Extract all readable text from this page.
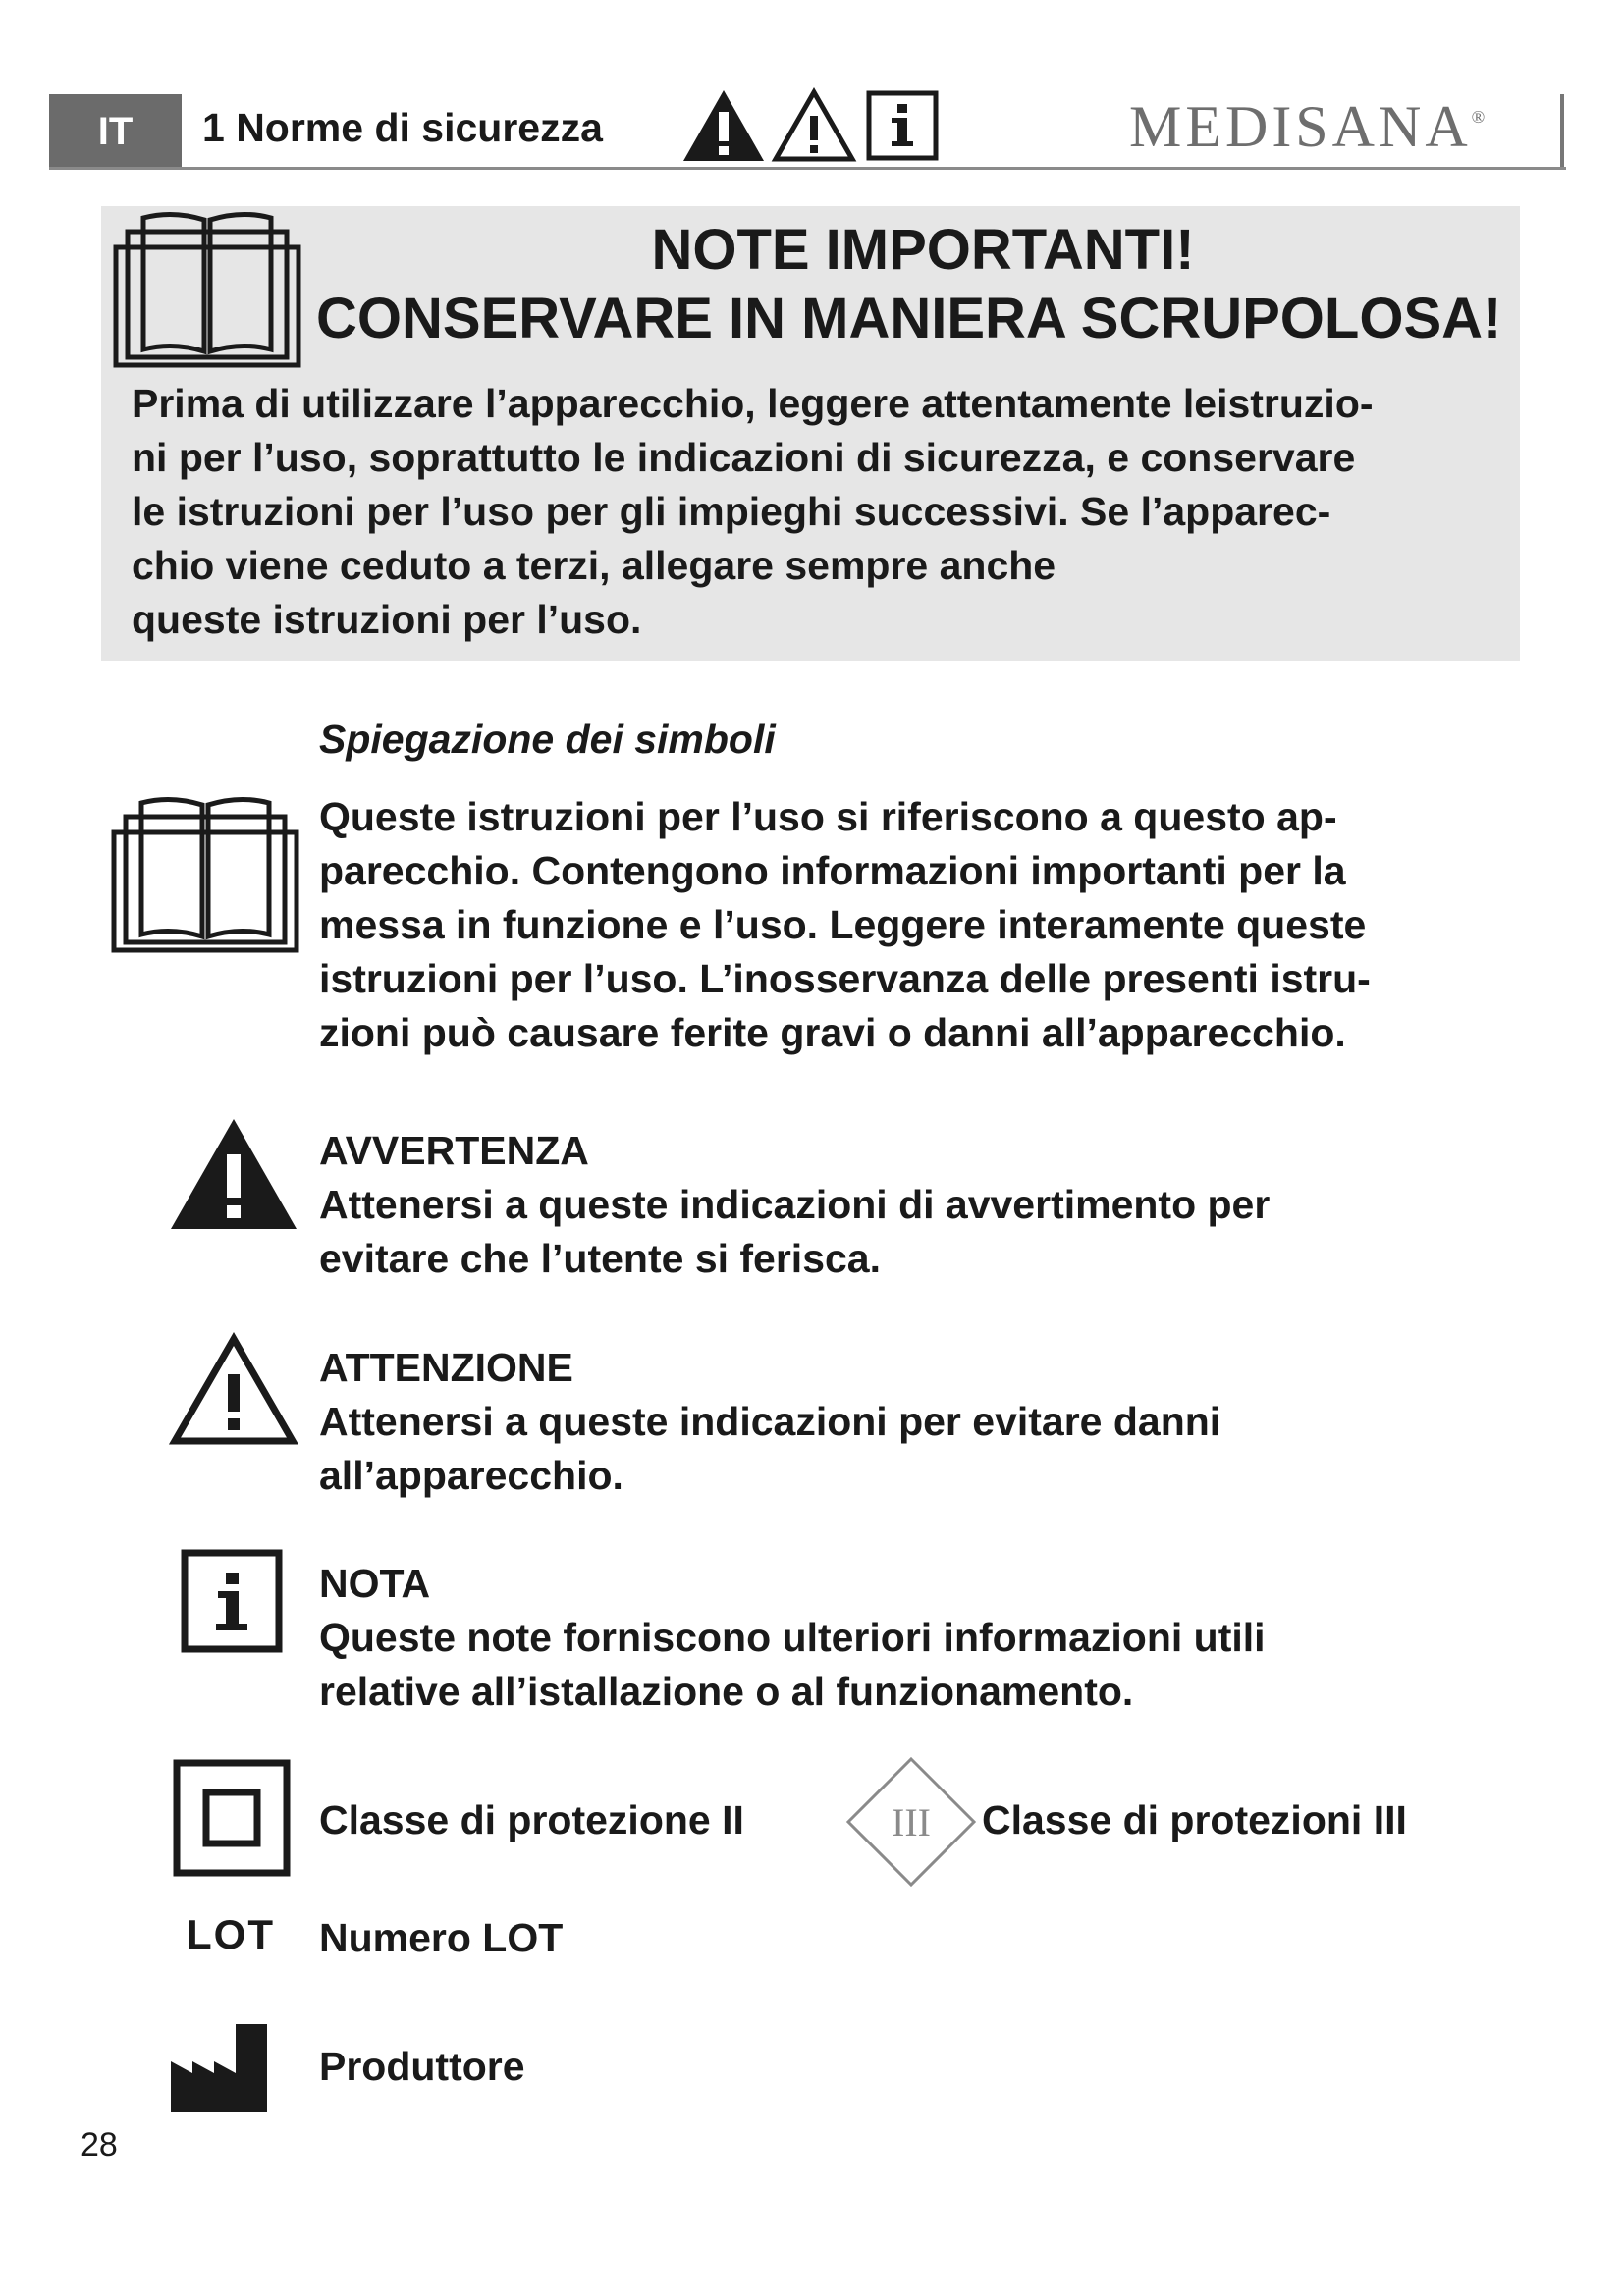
IT	1 Norme di sicurezza	MEDISANA®
NOTE IMPORTANTI!
CONSERVARE IN MANIERA SCRUPOLOSA!
Prima di utilizzare l’apparecchio, leggere attentamente leistruzio-
ni per l’uso, soprattutto le indicazioni di sicurezza, e conservare
le istruzioni per l’uso per gli impieghi successivi. Se l’apparec-
chio viene ceduto a terzi, allegare sempre anche
queste istruzioni per l’uso.
Spiegazione dei simboli
Queste istruzioni per l’uso si riferiscono a questo ap-
parecchio. Contengono informazioni importanti per la
messa in funzione e l’uso. Leggere interamente queste
istruzioni per l’uso. L’inosservanza delle presenti istru-
zioni può causare ferite gravi o danni all’apparecchio.
AVVERTENZA
Attenersi a queste indicazioni di avvertimento per
evitare che l’utente si ferisca.
ATTENZIONE
Attenersi a queste indicazioni per evitare danni
all’apparecchio.
NOTA
Queste note forniscono ulteriori informazioni utili
relative all’istallazione o al funzionamento.
Classe di protezione II	III Classe di protezioni III
LOT Numero LOT
Produttore
28
